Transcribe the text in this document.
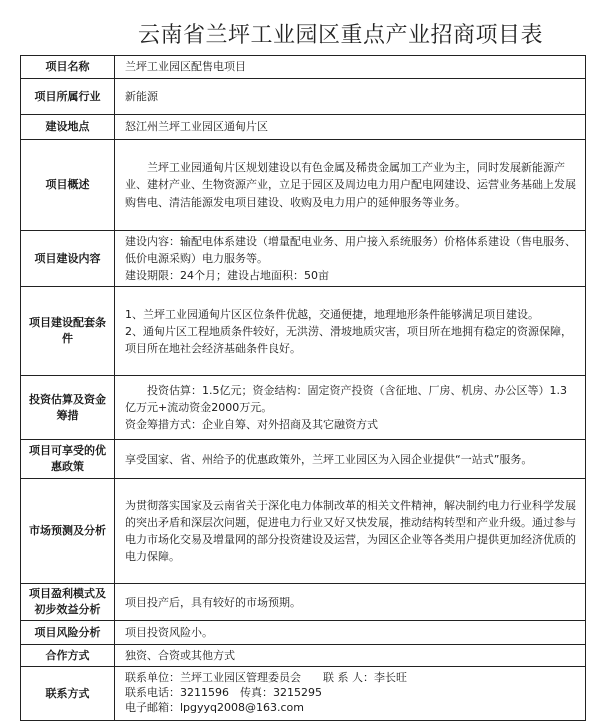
云南省兰坪工业园区重点产业招商项目表
项目名称	兰坪工业园区配售电项目
项目所属行业	新能源
建设地点	怒江州兰坪工业园区通甸片区
项目概述	兰坪工业园通甸片区规划建设以有色金属及稀贵金属加工产业为主，同时发展新能源产业、建材产业、生物资源产业，立足于园区及周边电力用户配电网建设、运营业务基础上发展购售电、清洁能源发电项目建设、收购及电力用户的延伸服务等业务。
项目建设内容	建设内容：输配电体系建设（增量配电业务、用户接入系统服务）价格体系建设（售电服务、低价电源采购）电力服务等。
建设期限：24个月；建设占地面积：50亩

项目建设配套条件	1、兰坪工业园通甸片区区位条件优越，交通便捷，地理地形条件能够满足项目建设。
2、通甸片区工程地质条件较好，无洪涝、滑坡地质灾害，项目所在地拥有稳定的资源保障，项目所在地社会经济基础条件良好。

投资估算及资金筹措	投资估算：1.5亿元；资金结构：固定资产投资（含征地、厂房、机房、办公区等）1.3亿万元+流动资金2000万元。
资金筹措方式：企业自筹、对外招商及其它融资方式

项目可享受的优惠政策	享受国家、省、州给予的优惠政策外，兰坪工业园区为入园企业提供“一站式”服务。
市场预测及分析	为贯彻落实国家及云南省关于深化电力体制改革的相关文件精神，解决制约电力行业科学发展的突出矛盾和深层次问题，促进电力行业又好又快发展，推动结构转型和产业升级。通过参与电力市场化交易及增量网的部分投资建设及运营，为园区企业等各类用户提供更加经济优质的电力保障。
项目盈利模式及初步效益分析	项目投产后，具有较好的市场预期。
项目风险分析	项目投资风险小。
合作方式	独资、合资或其他方式
联系方式	联系单位：兰坪工业园区管理委员会　　联 系 人：李长旺
联系电话：3211596　传真：3215295
电子邮箱：lpgyyq2008@163.com
